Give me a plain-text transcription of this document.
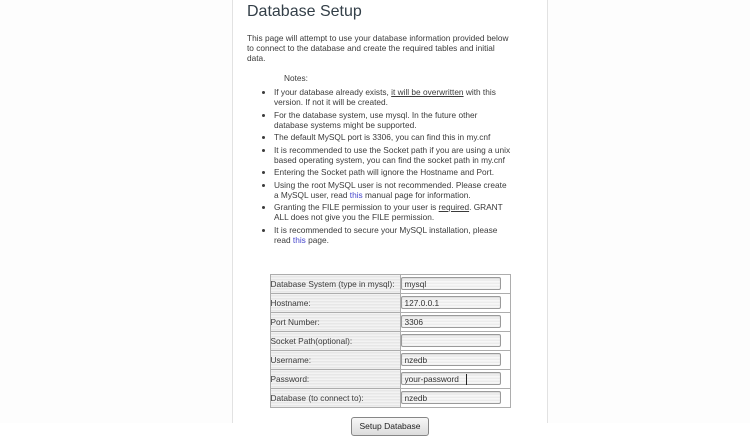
Database Setup

This page will attempt to use your database information provided below to connect to the database and create the required tables and initial data.

Notes:
• If your database already exists, it will be overwritten with this version. If not it will be created.
• For the database system, use mysql. In the future other database systems might be supported.
• The default MySQL port is 3306, you can find this in my.cnf
• It is recommended to use the Socket path if you are using a unix based operating system, you can find the socket path in my.cnf
• Entering the Socket path will ignore the Hostname and Port.
• Using the root MySQL user is not recommended. Please create a MySQL user, read this manual page for information.
• Granting the FILE permission to your user is required. GRANT ALL does not give you the FILE permission.
• It is recommended to secure your MySQL installation, please read this page.
Database System (type in mysql):	
mysql
Hostname:	
127.0.0.1
Port Number:	
3306
Socket Path(optional):	

Username:	
nzedb
Password:	
your-password

Database (to connect to):	
nzedb
Setup Database
